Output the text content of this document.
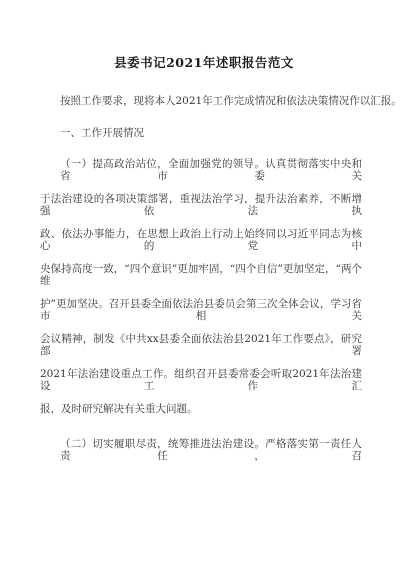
县委书记2021年述职报告范文
按照工作要求，现将本人2021年工作完成情况和依法决策情况作以汇报。
一、工作开展情况
（一）提高政治站位，全面加强党的领导。认真贯彻落实中央和省市委关
于法治建设的各项决策部署，重视法治学习，提升法治素养，不断增强依法执
政、依法办事能力，在思想上政治上行动上始终同以习近平同志为核心的党中
央保持高度一致，“四个意识”更加牢固，“四个自信”更加坚定，“两个维
护”更加坚决。召开县委全面依法治县委员会第三次全体会议，学习省市相关
会议精神，制发《中共xx县委全面依法治县2021年工作要点》，研究部署
2021年法治建设重点工作。组织召开县委常委会听取2021年法治建设工作汇
报，及时研究解决有关重大问题。
（二）切实履职尽责，统筹推进法治建设。严格落实第一责任人责任，召
